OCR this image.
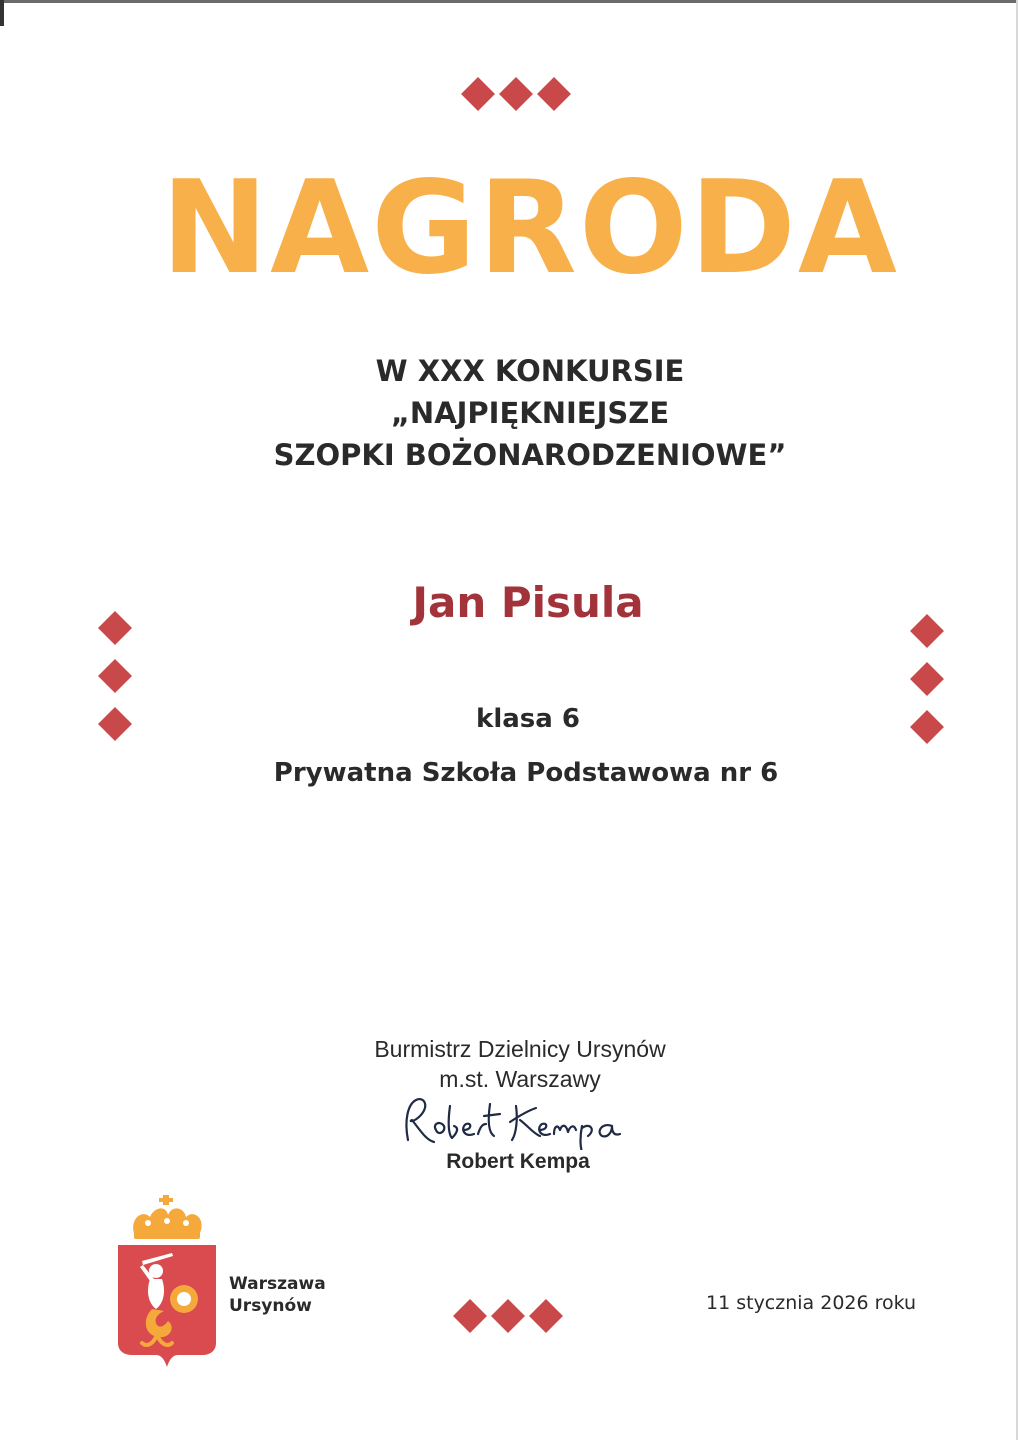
NAGRODA
W XXX KONKURSIE
„NAJPIĘKNIEJSZE
SZOPKI BOŻONARODZENIOWE”
Jan Pisula
klasa 6
Prywatna Szkoła Podstawowa nr 6
Burmistrz Dzielnicy Ursynów
m.st. Warszawy
Robert Kempa
Warszawa
Ursynów	11 stycznia 2026 roku
